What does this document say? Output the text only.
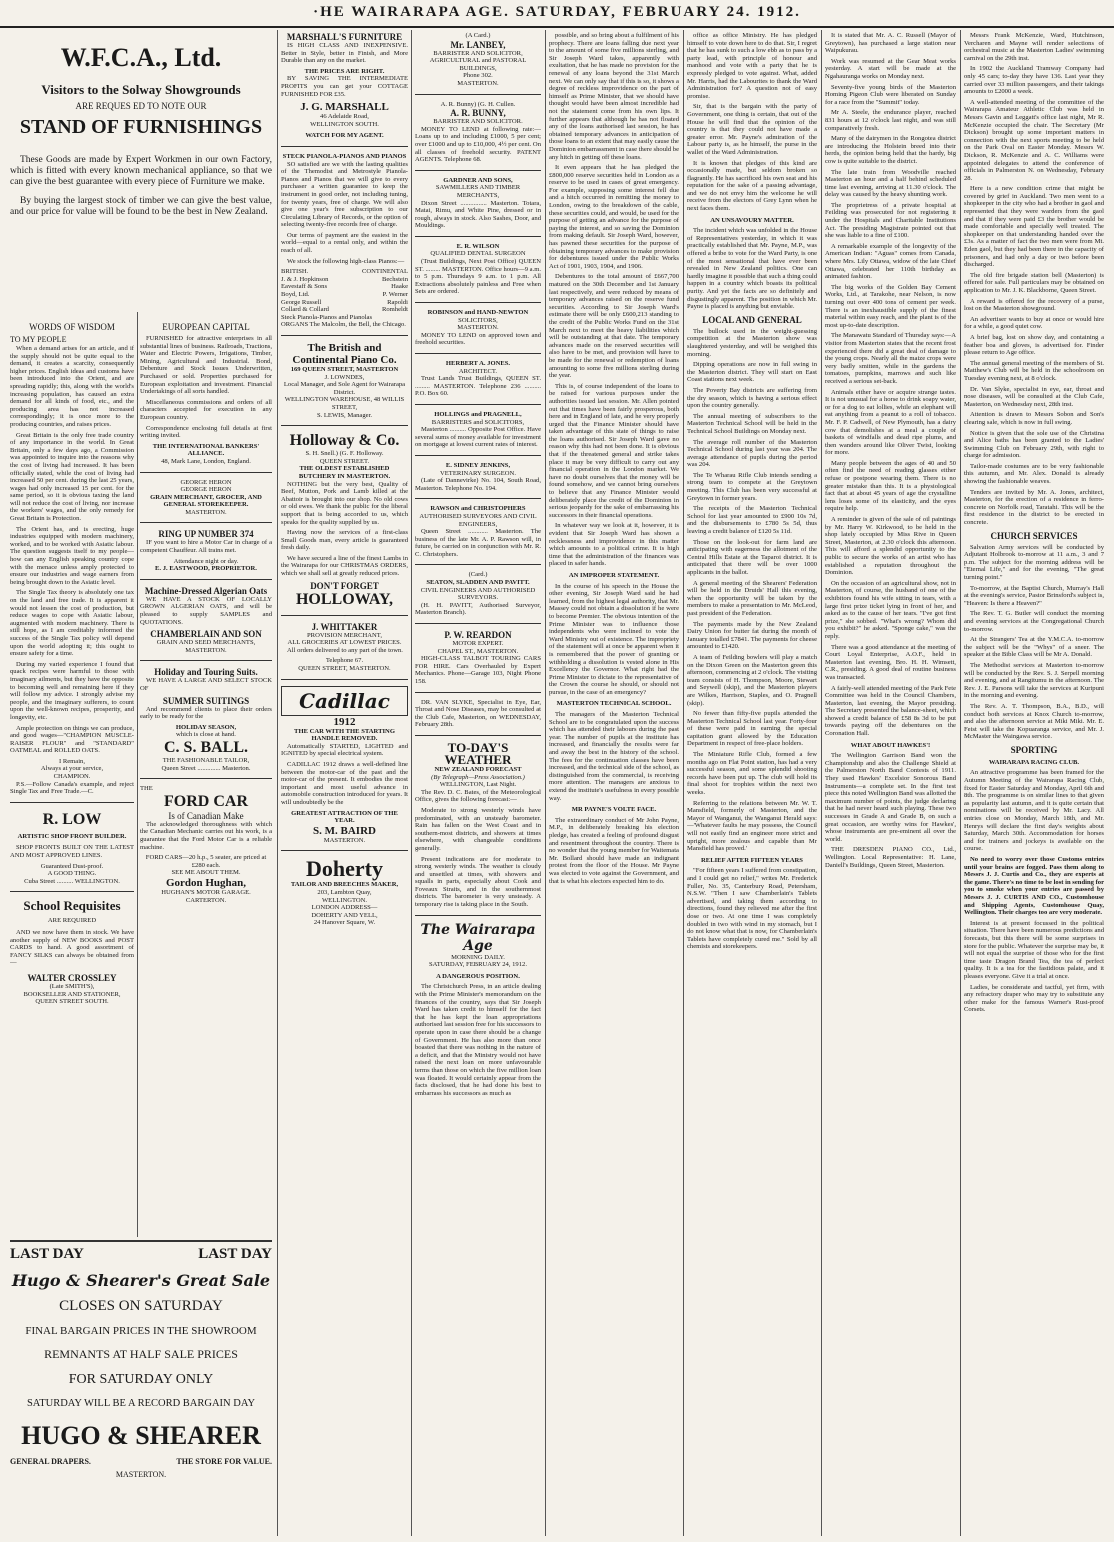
·HE WAIRARAPA AGE. SATURDAY, FEBRUARY 24. 1912.
W.F.C.A., Ltd.
Visitors to the Solway Showgrounds
ARE REQUES ED TO NOTE OUR
STAND OF FURNISHINGS

These Goods are made by Expert Workmen in our own Factory, which is fitted with every known mechanical appliance, so that we can give the best guarantee with every piece of Furniture we make.

By buying the largest stock of timber we can give the best value, and our price for value will be found to be the best in New Zealand.

WORDS OF WISDOM
TO MY PEOPLE

When a demand arises for an article, and if the supply should not be quite equal to the demand, it creates a scarcity, consequently higher prices. English ideas and customs have been introduced into the Orient, and are spreading rapidly; this, along with the world's increasing population, has caused an extra demand for all kinds of food, etc., and the producing area has not increased correspondingly; it is once more to the producing countries, and raises prices.

Great Britain is the only free trade country of any importance in the world. In Great Britain, only a few days ago, a Commission was appointed to inquire into the reasons why the cost of living had increased. It has been officially stated, while the cost of living had increased 50 per cent. during the last 25 years, wages had only increased 15 per cent. for the same period, so it is obvious taxing the land will not reduce the cost of living, nor increase the workers' wages, and the only remedy for Great Britain is Protection.

The Orient has, and is erecting, huge industries equipped with modern machinery, worked, and to be worked with Asiatic labour. The question suggests itself to my people— how can any English speaking country cope with the menace unless amply protected to ensure our industries and wage earners from being brought down to the Asiatic level.

The Single Tax theory is absolutely one tax on the land and free trade. It is apparent it would not lessen the cost of production, but reduce wages to cope with Asiatic labour, augmented with modern machinery. There is still hope, as I am creditably informed the success of the Single Tax policy will depend upon the world adopting it; this ought to ensure safety for a time.

During my varied experience I found that quack recipes were harmful to those with imaginary ailments, but they have the opposite to becoming well and remaining here if they will follow my advice. I strongly advise my people, and the imaginary sufferers, to count upon the well-known recipes, prosperity, and longevity, etc.

Ample protection on things we can produce, and good wages—"CHAMPION MUSCLE-RAISER FLOUR" and "STANDARD" OATMEAL and ROLLED OATS.

I Remain,
Always at your service,
CHAMPION.

P.S.—Follow Canada's example, and reject Single Tax and Free Trade.—C.

R. LOW
ARTISTIC SHOP FRONT BUILDER.

SHOP FRONTS BUILT ON THE LATEST AND MOST APPROVED LINES.

Guaranteed Dust-proof.
A GOOD THING.
Cuba Street .......... WELLINGTON.
School Requisites
ARE REQUIRED

AND we now have them in stock. We have another supply of NEW BOOKS and POST CARDS to hand. A good assortment of FANCY SILKS can always be obtained from—

WALTER CROSSLEY
(Late SMITH'S),
BOOKSELLER AND STATIONER,
QUEEN STREET SOUTH.
EUROPEAN CAPITAL

FURNISHED for attractive enterprises in all substantial lines of business. Railroads, Tractions, Water and Electric Powers, Irrigations, Timber, Mining, Agricultural and Industrial. Bond, Debenture and Stock Issues Underwritten, Purchased or sold. Properties purchased for European exploitation and investment. Financial Undertakings of all sorts handled.

Miscellaneous commissions and orders of all characters accepted for execution in any European country.

Correspondence enclosing full details at first writing invited.

THE INTERNATIONAL BANKERS' ALLIANCE.
48, Mark Lane, London, England.
GEORGE HERON
GEORGE HERON
GRAIN MERCHANT, GROCER, AND GENERAL STOREKEEPER.
MASTERTON.
RING UP NUMBER 374

IF you want to hire a Motor Car in charge of a competent Chauffeur. All trains met.

Attendance night or day.
E. J. EASTWOOD, PROPRIETOR.
Machine-Dressed Algerian Oats

WE HAVE A STOCK OF LOCALLY GROWN ALGERIAN OATS, and will be pleased to supply SAMPLES and QUOTATIONS.

CHAMBERLAIN AND SON
GRAIN AND SEED MERCHANTS,
MASTERTON.
Holiday and Touring Suits.

WE HAVE A LARGE AND SELECT STOCK OF

SUMMER SUITINGS

And recommend clients to place their orders early to be ready for the

HOLIDAY SEASON,
which is close at hand.
C. S. BALL.
THE FASHIONABLE TAILOR,
Queen Street .............. Masterton.
THE
FORD CAR
Is of Canadian Make

The acknowledged thoroughness with which the Canadian Mechanic carries out his work, is a guarantee that the Ford Motor Car is a reliable machine.

FORD CARS—20 h.p., 5 seater, are priced at £280 each.
SEE ME ABOUT THEM.
Gordon Hughan,
HUGHAN'S MOTOR GARAGE.
CARTERTON.
LAST DAY	LAST DAY
Hugo & Shearer's Great Sale
CLOSES ON SATURDAY
FINAL BARGAIN PRICES IN THE SHOWROOM
REMNANTS AT HALF SALE PRICES
FOR SATURDAY ONLY
SATURDAY WILL BE A RECORD BARGAIN DAY
HUGO & SHEARER
GENERAL DRAPERS.	THE STORE FOR VALUE.
MASTERTON.
MARSHALL'S FURNITURE

IS HIGH CLASS AND INEXPENSIVE. Better in Style, better in Finish, and More Durable than any on the market.

THE PRICES ARE RIGHT.

BY SAVING THE INTERMEDIATE PROFITS you can get your COTTAGE FURNISHED FOR £35.

J. G. MARSHALL
46 Adelaide Road,
WELLINGTON SOUTH.
WATCH FOR MY AGENT.
STECK PIANOLA-PIANOS AND PIANOS

SO satisfied are we with the lasting qualities of the Themodist and Metrostyle Pianola-Pianos and Pianos that we will give to every purchaser a written guarantee to keep the instrument in good order, not including tuning, for twenty years, free of charge. We will also give one year's free subscription to our Circulating Library of Records, or the option of selecting twenty-five records free of charge.

Our terms of payment are the easiest in the world—equal to a rental only, and within the reach of all.

We stock the following high-class Pianos:—

BRITISH.	CONTINENTAL
J. & J. Hopkinson	Bechstein
Eavestaff & Sons	Haake
Boyd, Ltd.	P. Werner
George Russell	Rapoldi
Collard & Collard	Romheldt
Steck Pianola-Pianos and Pianolas
ORGANS The Malcolm, the Bell, the Chicago.
The British and Continental Piano Co.
169 QUEEN STREET, MASTERTON
J. LOWNDES,
Local Manager, and Sole Agent for Wairarapa District.
WELLINGTON WAREHOUSE, 48 WILLIS STREET,
S. LEWIS, Manager.
Holloway & Co.
S. H. Snell.) (G. F. Holloway.
QUEEN STREET.
THE OLDEST ESTABLISHED BUTCHERY IN MASTERTON.

NOTHING but the very best, Quality of Beef, Mutton, Pork and Lamb killed at the Abattoir is brought into our shop. No old cows or old ewes. We thank the public for the liberal support that is being accorded to us, which speaks for the quality supplied by us.

Having now the services of a first-class Small Goods man, every article is guaranteed fresh daily.

We have secured a line of the finest Lambs in the Wairarapa for our CHRISTMAS ORDERS, which we shall sell at greatly reduced prices.

DON'T FORGET
HOLLOWAY,
J. WHITTAKER
PROVISION MERCHANT,
ALL GROCERIES AT LOWEST PRICES.

All orders delivered to any part of the town.

Telephone 67.
QUEEN STREET, MASTERTON.
Cadillac
1912
THE CAR WITH THE STARTING HANDLE REMOVED.

Automatically STARTED, LIGHTED and IGNITED by special electrical system.

CADILLAC 1912 draws a well-defined line between the motor-car of the past and the motor-car of the present. It embodies the most important and most useful advance in automobile construction introduced for years. It will undoubtedly be the

GREATEST ATTRACTION OF THE YEAR.
S. M. BAIRD
MASTERTON.
Doherty
TAILOR AND BREECHES MAKER,
203, Lambton Quay,
WELLINGTON.
LONDON ADDRESS—
DOHERTY AND YELL,
24 Hanover Square, W.
(A Card.)
Mr. LANBEY,
BARRISTER AND SOLICITOR, AGRICULTURAL and PASTORAL BUILDINGS,
Phone 302.
MASTERTON.
A. R. Bunny) (G. H. Cullen.
A. R. BUNNY,
BARRISTER AND SOLICITOR.

MONEY TO LEND at following rate:—Loans up to and including £1000, 5 per cent; over £1000 and up to £10,000, 4½ per cent. On all classes of freehold security. PATENT AGENTS. Telephone 68.

GARDNER AND SONS,
SAWMILLERS AND TIMBER MERCHANTS,

Dixon Street ................ Masterton. Totara, Matai, Rimu, and White Pine, dressed or in rough, always in stock. Also Sashes, Door, and Mouldings.

E. R. WILSON
QUALIFIED DENTAL SURGEON

(Trust Buildings, Next Post Office) QUEEN ST. ......... MASTERTON. Office hours—9 a.m. to 5 p.m. Thursdays 9 a.m. to 1 p.m. All Extractions absolutely painless and Free when Sets are ordered.

ROBINSON and HAND-NEWTON
SOLICITORS,
MASTERTON.

MONEY TO LEND on approved town and freehold securities.

HERBERT A. JONES.
ARCHITECT.

Trust Lands Trust Buildings, QUEEN ST. ......... MASTERTON. Telephone 236 .......... P.O. Box 60.

HOLLINGS and PRAGNELL,
BARRISTERS and SOLICITORS,

Masterton .......... Opposite Post Office. Have several sums of money available for investment on mortgage at lowest current rates of interest.

E. SIDNEY JENKINS,
VETERINARY SURGEON.

(Late of Dannevirke) No. 104, South Road, Masterton. Telephone No. 194.

RAWSON and CHRISTOPHERS
AUTHORISED SURVEYORS AND CIVIL ENGINEERS,

Queen Street ............ Masterton. The business of the late Mr. A. P. Rawson will, in future, be carried on in conjunction with Mr. R. C. Christophers.

(Card.)
SEATON, SLADDEN AND PAVITT.
CIVIL ENGINEERS AND AUTHORISED SURVEYORS.

(H. H. PAVITT, Authorised Surveyor, Masterton Branch).

P. W. REARDON
MOTOR EXPERT.
CHAPEL ST., MASTERTON.

HIGH-CLASS TALBOT TOURING CARS FOR HIRE. Cars Overhauled by Expert Mechanics. Phone—Garage 103, Night Phone 158.

DR. VAN SLYKE, Specialist in Eye, Ear, Throat and Nose Diseases, may be consulted at the Club Cafe, Masterton, on WEDNESDAY, February 28th.

TO-DAY'S WEATHER
NEW ZEALAND FORECAST
(By Telegraph—Press Association.)
WELLINGTON, Last Night.

The Rev. D. C. Bates, of the Meteorological Office, gives the following forecast:—

Moderate to strong westerly winds have predominated, with an unsteady barometer. Rain has fallen on the West Coast and in southern-most districts, and showers at times elsewhere, with changeable conditions generally.

Present indications are for moderate to strong westerly winds. The weather is cloudy and unsettled at times, with showers and squalls in parts, especially about Cook and Foveaux Straits, and in the southernmost districts. The barometer is very unsteady. A temporary rise is taking place in the South.

The Wairarapa Age
MORNING DAILY.
SATURDAY, FEBRUARY 24, 1912.
A DANGEROUS POSITION.

The Christchurch Press, in an article dealing with the Prime Minister's memorandum on the finances of the country, says that Sir Joseph Ward has taken credit to himself for the fact that he has kept the loan appropriations authorised last session free for his successors to operate upon in case there should be a change of Government. He has also more than once boasted that there was nothing in the nature of a deficit, and that the Ministry would not have raised the next loan on more unfavourable terms than those on which the five million loan was floated. It would certainly appear from the facts disclosed, that he had done his best to embarrass his successors as much as

possible, and so bring about a fulfilment of his prophecy. There are loans falling due next year to the amount of some five millions sterling, and Sir Joseph Ward takes, apparently with exultation, that he has made no provision for the renewal of any loans beyond the 31st March next. We can only say that if this is so, it shows a degree of reckless improvidence on the part of himself as Prime Minister, that we should have thought would have been almost incredible had not the statement come from his own lips. It further appears that although he has not floated any of the loans authorised last session, he has obtained temporary advances in anticipation of those loans to an extent that may easily cause the Dominion embarrassment in case there should be any hitch in getting off these loans.

It even appears that he has pledged the £800,000 reserve securities held in London as a reserve to be used in cases of great emergency. For example, supposing some interest fell due and a hitch occurred in remitting the money to London, owing to the breakdown of the cable, these securities could, and would, be used for the purpose of getting an advance for the purpose of paying the interest, and so saving the Dominion from making default. Sir Joseph Ward, however, has pawned these securities for the purpose of obtaining temporary advances to make provision for debentures issued under the Public Works Act of 1901, 1903, 1904, and 1906.

Debentures to the total amount of £667,700 matured on the 30th December and 1st January last respectively, and were reduced by means of temporary advances raised on the reserve fund securities. According to Sir Joseph Ward's estimate there will be only £600,213 standing to the credit of the Public Works Fund on the 31st March next to meet the heavy liabilities which will be outstanding at that date. The temporary advances made on the reserved securities will also have to be met, and provision will have to be made for the renewal or redemption of loans amounting to some five millions sterling during the year.

This is, of course independent of the loans to be raised for various purposes under the authorities issued last session. Mr. Allen pointed out that times have been fairly prosperous, both here and in England of late, and he very properly urged that the Finance Minister should have taken advantage of this state of things to raise the loans authorised. Sir Joseph Ward gave no reason why this had not been done. It is obvious that if the threatened general and strike takes place it may be very difficult to carry out any financial operation in the London market. We have no doubt ourselves that the money will be found somehow, and we cannot bring ourselves to believe that any Finance Minister would deliberately place the credit of the Dominion in serious jeopardy for the sake of embarrassing his successors in their financial operations.

In whatever way we look at it, however, it is evident that Sir Joseph Ward has shown a recklessness and improvidence in this matter which amounts to a political crime. It is high time that the administration of the finances was placed in safer hands.

AN IMPROPER STATEMENT.

In the course of his speech in the House the other evening, Sir Joseph Ward said he had learned, from the highest legal authority, that Mr. Massey could not obtain a dissolution if he were to become Premier. The obvious intention of the Prime Minister was to influence those independents who were inclined to vote the Ward Ministry out of existence. The impropriety of the statement will at once be apparent when it is remembered that the power of granting or withholding a dissolution is vested alone in His Excellency the Governor. What right had the Prime Minister to dictate to the representative of the Crown the course he should, or should not pursue, in the case of an emergency?

MASTERTON TECHNICAL SCHOOL.

The managers of the Masterton Technical School are to be congratulated upon the success which has attended their labours during the past year. The number of pupils at the institute has increased, and financially the results were far and away the best in the history of the school. The fees for the continuation classes have been increased, and the technical side of the school, as distinguished from the commercial, is receiving more attention. The managers are anxious to extend the institute's usefulness in every possible way.

MR PAYNE'S VOLTE FACE.

The extraordinary conduct of Mr John Payne, M.P., in deliberately breaking his election pledge, has created a feeling of profound disgust and resentment throughout the country. There is no wonder that the young member for Waitemata Mr. Bollard should have made an indignant protest from the floor of the House. Mr Payne was elected to vote against the Government, and that is what his electors expected him to do.

office as office Ministry. He has pledged himself to vote down here to do that. Sir, I regret that he has sunk to such a low ebb as to pass by a party lead, with principle of honour and manhood and vote with a party that he is expressly pledged to vote against. What, added Mr. Harris, had the Labourites to thank the Ward Administration for? A question not of easy promise.

Sir, that is the bargain with the party of Government, one thing is certain, that out of the House he will find that the opinion of the country is that they could not have made a greater error. Mr. Payne's admiration of the Labour party is, as he himself, the purse in the wallet of the Ward Administration.

It is known that pledges of this kind are occasionally made, but seldom broken so flagrantly. He has sacrificed his own seat and his reputation for the sake of a passing advantage, and we do not envy him the welcome he will receive from the electors of Grey Lynn when he next faces them.

AN UNSAVOURY MATTER.

The incident which was unfolded in the House of Representatives yesterday, in which it was practically established that Mr. Payne, M.P., was offered a bribe to vote for the Ward Party, is one of the most sensational that have ever been revealed in New Zealand politics. One can hardly imagine it possible that such a thing could happen in a country which boasts its political purity. And yet the facts are so definitely and disgustingly apparent. The position in which Mr. Payne is placed is anything but enviable.

LOCAL AND GENERAL

The bullock used in the weight-guessing competition at the Masterton show was slaughtered yesterday, and will be weighed this morning.

Dipping operations are now in full swing in the Masterton district. They will start on East Coast stations next week.

The Poverty Bay districts are suffering from the dry season, which is having a serious effect upon the country generally.

The annual meeting of subscribers to the Masterton Technical School will be held in the Technical School Buildings on Monday next.

The average roll number of the Masterton Technical School during last year was 204. The average attendance of pupils during the period was 204.

The Te Wharau Rifle Club intends sending a strong team to compete at the Greytown meeting. This Club has been very successful at Greytown in former years.

The receipts of the Masterton Technical School for last year amounted to £900 10s 7d, and the disbursements to £780 5s 5d, thus leaving a credit balance of £120 5s 11d.

Those on the look-out for farm land are anticipating with eagerness the allotment of the Central Hills Estate at the Taparoi district. It is anticipated that there will be over 1000 applicants in the ballot.

A general meeting of the Shearers' Federation will be held in the Druids' Hall this evening, when the opportunity will be taken by the members to make a presentation to Mr. McLeod, past president of the Federation.

The payments made by the New Zealand Dairy Union for butter fat during the month of January totalled £7841. The payments for cheese amounted to £1420.

A team of Feilding bowlers will play a match on the Dixon Green on the Masterton green this afternoon, commencing at 2 o'clock. The visiting team consists of H. Thompson, Moore, Stewart and Seywell (skip), and the Masterton players are Wilkes, Harrison, Staples, and O. Pragnell (skip).

No fewer than fifty-five pupils attended the Masterton Technical School last year. Forty-four of these were paid in earning the special capitation grant allowed by the Education Department in respect of free-place holders.

The Miniature Rifle Club, formed a few months ago on Flat Point station, has had a very successful season, and some splendid shooting records have been put up. The club will hold its final shoot for trophies within the next two weeks.

Referring to the relations between Mr. W. T. Mansfield, formerly of Masterton, and the Mayor of Wanganui, the Wanganui Herald says:—'Whatever faults he may possess, the Council will not easily find an engineer more strict and upright, more zealous and capable than Mr Mansfield has proved.'

RELIEF AFTER FIFTEEN YEARS

"For fifteen years I suffered from constipation, and I could get no relief," writes Mr. Frederick Fuller, No. 35, Canterbury Road, Petersham, N.S.W. "Then I saw Chamberlain's Tablets advertised, and taking them according to directions, found they relieved me after the first dose or two. At one time I was completely doubled in two with wind in my stomach, but I do not know what that is now, for Chamberlain's Tablets have completely cured me." Sold by all chemists and storekeepers.

It is stated that Mr. A. C. Russell (Mayor of Greytown), has purchased a large station near Waipukurau.

Work was resumed at the Gear Meat works yesterday. A start will be made at the Ngahauranga works on Monday next.

Seventy-five young birds of the Masterton Homing Pigeon Club were liberated on Sunday for a race from the "Summit" today.

Mr A. Steele, the endurance player, reached 831 hours at 12 o'clock last night, and was still comparatively fresh.

Many of the dairymen in the Rongotea district are introducing the Holstein breed into their herds, the opinion being held that the hardy, big cow is quite suitable to the district.

The late train from Woodville reached Masterton an hour and a half behind scheduled time last evening, arriving at 11.30 o'clock. The delay was caused by the heavy shunting work.

The proprietress of a private hospital at Feilding was prosecuted for not registering it under the Hospitals and Charitable Institutions Act. The presiding Magistrate pointed out that she was liable to a fine of £100.

A remarkable example of the longevity of the American Indian: "Aguas" comes from Canada, where Mrs. Lily Ottawa, widow of the late Chief Ottawa, celebrated her 110th birthday as animated fashion.

The big works of the Golden Bay Cement Works, Ltd., at Tarakohe, near Nelson, is now turning out over 400 tons of cement per week. There is an inexhaustible supply of the finest material within easy reach, and the plant is of the most up-to-date description.

The Manawatu Standard of Thursday says:—A visitor from Masterton states that the recent frost experienced there did a great deal of damage to the young crops. Nearly all the maize crops were very badly smitten, while in the gardens the tomatoes, pumpkins, marrows and such like received a serious set-back.

Animals either have or acquire strange tastes. It is not unusual for a horse to drink soapy water, or for a dog to eat lollies, while an elephant will eat anything from a peanut to a roll of tobacco. Mr. F. P. Cadwell, of New Plymouth, has a dairy cow that demolishes at a meal a couple of baskets of windfalls and dead ripe plums, and then wanders around like Oliver Twist, looking for more.

Many people between the ages of 40 and 50 often find the need of reading glasses either refuse or postpone wearing them. There is no greater mistake than this. It is a physiological fact that at about 45 years of age the crystalline lens loses some of its elasticity, and the eyes require help.

A reminder is given of the sale of oil paintings by Mr. Harry W. Kirkwood, to be held in the shop lately occupied by Miss Rive in Queen Street, Masterton, at 2.30 o'clock this afternoon. This will afford a splendid opportunity to the public to secure the works of an artist who has established a reputation throughout the Dominion.

On the occasion of an agricultural show, not in Masterton, of course, the husband of one of the exhibitors found his wife sitting in tears, with a large first prize ticket lying in front of her, and asked as to the cause of her tears. "I've got first prize," she sobbed. "What's wrong? Whom did you exhibit?" he asked. "Sponge cake," was the reply.

There was a good attendance at the meeting of Court Loyal Enterprise, A.O.F., held in Masterton last evening, Bro. H. H. Wimsett, C.R., presiding. A good deal of routine business was transacted.

A fairly-well attended meeting of the Park Fete Committee was held in the Council Chambers, Masterton, last evening, the Mayor presiding. The Secretary presented the balance-sheet, which showed a credit balance of £58 8s 3d to be put towards paying off the debentures on the Coronation Hall.

WHAT ABOUT HAWKES'!

The Wellington Garrison Band won the Championship and also the Challenge Shield at the Palmerston North Band Contests of 1911. They used Hawkes' Excelsior Sonorous Band Instruments—a complete set. In the first test piece this noted Wellington Band was allotted the maximum number of points, the judge declaring that he had never heard such playing. These two successes in Grade A and Grade B, on such a great occasion, are worthy wins for Hawkes', whose instruments are pre-eminent all over the world.

THE DRESDEN PIANO CO., Ltd., Wellington. Local Representative: H. Lane, Daniell's Buildings, Queen Street, Masterton.

Messrs Frank McKenzie, Ward, Hutchinson, Vercharen and Mayne will render selections of orchestral music at the Masterton Ladies' swimming carnival on the 29th inst.

In 1902 the Auckland Tramway Company had only 45 cars; to-day they have 136. Last year they carried over 33 million passengers, and their takings amounts to £2000 a week.

A well-attended meeting of the committee of the Wairarapa Amateur Athletic Club was held in Messrs Gavin and Leggatt's office last night, Mr R. McKenzie occupied the chair. The Secretary (Mr Dickson) brought up some important matters in connection with the next sports meeting to be held on the Park Oval on Easter Monday. Messrs W. Dickson, R. McKenzie and A. C. Williams were appointed delegates to attend the conference of officials in Palmerston N. on Wednesday, February 28.

Here is a new condition crime that might be covered by grief in Auckland. Two men went to a shopkeeper in the city who had a brother in gaol and represented that they were warders from the gaol and that if they were paid £3 the brother would be made comfortable and specially well treated. The shopkeeper on that understanding handed over the £3s. As a matter of fact the two men were from Mt. Eden gaol, but they had been there in the capacity of prisoners, and had only a day or two before been discharged.

The old fire brigade station bell (Masterton) is offered for sale. Full particulars may be obtained on application to Mr. J. K. Blackborne, Queen Street.

A reward is offered for the recovery of a purse, lost on the Masterton showground.

An advertiser wants to buy at once or would hire for a while, a good quiet cow.

A brief bag, lost on show day, and containing a feather boa and gloves, is advertised for. Finder please return to Age office.

The annual general meeting of the members of St. Matthew's Club will be held in the schoolroom on Tuesday evening next, at 8 o'clock.

Dr. Van Slyke, specialist in eye, ear, throat and nose diseases, will be consulted at the Club Cafe, Masterton, on Wednesday next, 28th inst.

Attention is drawn to Messrs Sobon and Son's clearing sale, which is now in full swing.

Notice is given that the sole use of the Christina and Alice baths has been granted to the Ladies' Swimming Club on February 29th, with right to charge for admission.

Tailor-made costumes are to be very fashionable this autumn, and Mr. Alex. Donald is already showing the fashionable weaves.

Tenders are invited by Mr. A. Jones, architect, Masterton, for the erection of a residence in ferro-concrete on Norfolk road, Taratahi. This will be the first residence in the district to be erected in concrete.

CHURCH SERVICES

Salvation Army services will be conducted by Adjutant Holbrook to-morrow at 11 a.m., 3 and 7 p.m. The subject for the morning address will be "Eternal Life," and for the evening, "The great turning point."

To-morrow, at the Baptist Church, Murray's Hall at the evening's service, Pastor Brinsford's subject is, "Heaven: Is there a Heaven?"

The Rev. T. G. Butler will conduct the morning and evening services at the Congregational Church to-morrow.

At the Strangers' Tea at the Y.M.C.A. to-morrow the subject will be the "Whys" of a sneer. The speaker at the Bible Class will be Mr A. Donald.

The Methodist services at Masterton to-morrow will be conducted by the Rev. S. J. Serpell morning and evening, and at Rangitumu in the afternoon. The Rev. J. E. Parsons will take the services at Kuripuni in the morning and evening.

The Rev. A. T. Thompson, B.A., B.D., will conduct both services at Knox Church to-morrow, and also the afternoon service at Miki Miki. Mr. E. Feist will take the Kopuaranga service, and Mr. J. McMaster the Waingawa service.

SPORTING
WAIRARAPA RACING CLUB.

An attractive programme has been framed for the Autumn Meeting of the Wairarapa Racing Club, fixed for Easter Saturday and Monday, April 6th and 8th. The programme is on similar lines to that given as popularity last autumn, and it is quite certain that nominations will be received by Mr. Lacy. All entries close on Monday, March 18th, and Mr. Henrys will declare the first day's weights about Saturday, March 30th. Accommodation for horses and for trainers and jockeys is available on the course.

No need to worry over those Customs entries until your brains are fogged. Pass them along to Messrs J. J. Curtis and Co., they are experts at the game. There's no time to be lost in sending for you to smoke when your entries are passed by Messrs J. J. CURTIS AND CO., Customhouse and Shipping Agents, Customhouse Quay, Wellington. Their charges too are very moderate.

Interest is at present focussed in the political situation. There have been numerous predictions and forecasts, but this there will be some surprises in store for the public. Whatever the surprise may be, it will not equal the surprise of those who for the first time taste Dragon Brand Tea, the tea of perfect quality. It is a tea for the fastidious palate, and it pleases everyone. Give it a trial at once.

Ladies, be considerate and tactful, yet firm, with any refractory draper who may try to substitute any other make for the famous Warner's Rust-proof Corsets.
